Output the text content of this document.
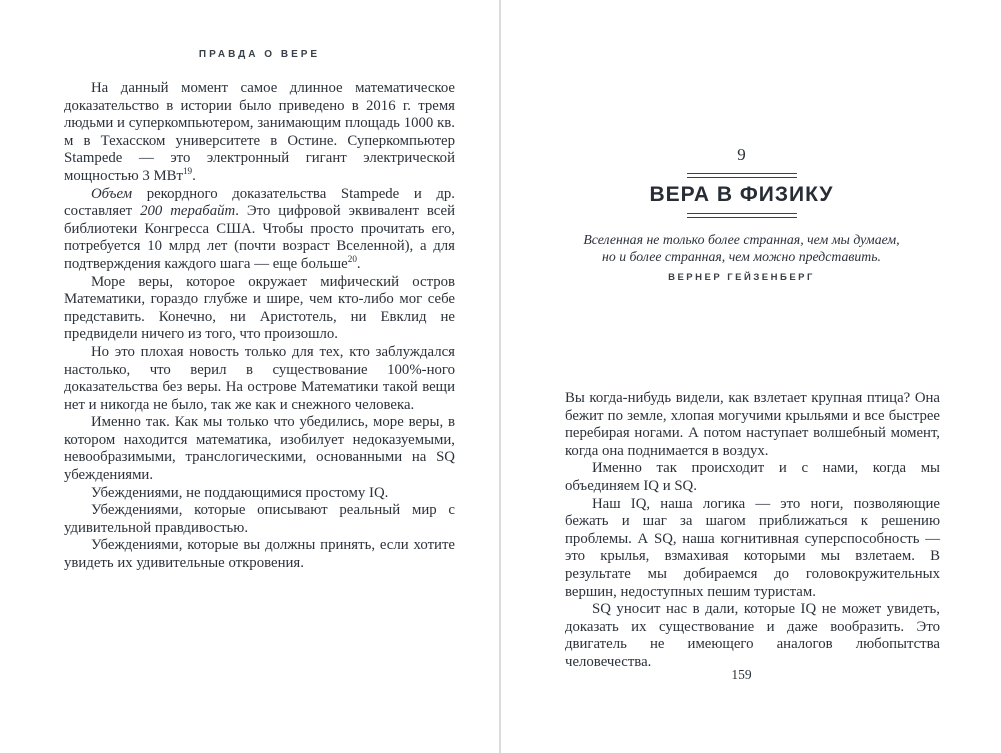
ПРАВДА О ВЕРЕ

На данный момент самое длинное математическое доказательство в истории было приведено в 2016 г. тремя людьми и суперкомпьютером, занимающим площадь 1000 кв. м в Техасском университете в Остине. Суперкомпьютер Stampede — это электронный гигант электрической мощностью 3 МВт$^{19}$.

Объем рекордного доказательства Stampede и др. составляет 200 терабайт. Это цифровой эквивалент всей библиотеки Конгресса США. Чтобы просто прочитать его, потребуется 10 млрд лет (почти возраст Вселенной), а для подтверждения каждого шага — еще больше$^{20}$.

Море веры, которое окружает мифический остров Математики, гораздо глубже и шире, чем кто-либо мог себе представить. Конечно, ни Аристотель, ни Евклид не предвидели ничего из того, что произошло.

Но это плохая новость только для тех, кто заблуждался настолько, что верил в существование 100%-ного доказательства без веры. На острове Математики такой вещи нет и никогда не было, так же как и снежного человека.

Именно так. Как мы только что убедились, море веры, в котором находится математика, изобилует недоказуемыми, невообразимыми, транслогическими, основанными на SQ убеждениями.

Убеждениями, не поддающимися простому IQ.

Убеждениями, которые описывают реальный мир с удивительной правдивостью.

Убеждениями, которые вы должны принять, если хотите увидеть их удивительные откровения.

9
ВЕРА В ФИЗИКУ
Вселенная не только более странная, чем мы думаем,
но и более странная, чем можно представить.
ВЕРНЕР ГЕЙЗЕНБЕРГ

Вы когда-нибудь видели, как взлетает крупная птица? Она бежит по земле, хлопая могучими крыльями и все быстрее перебирая ногами. А потом наступает волшебный момент, когда она поднимается в воздух.

Именно так происходит и с нами, когда мы объединяем IQ и SQ.

Наш IQ, наша логика — это ноги, позволяющие бежать и шаг за шагом приближаться к решению проблемы. А SQ, наша когнитивная суперспособность — это крылья, взмахивая которыми мы взлетаем. В результате мы добираемся до головокружительных вершин, недоступных пешим туристам.

SQ уносит нас в дали, которые IQ не может увидеть, доказать их существование и даже вообразить. Это двигатель не имеющего аналогов любопытства человечества.

159
